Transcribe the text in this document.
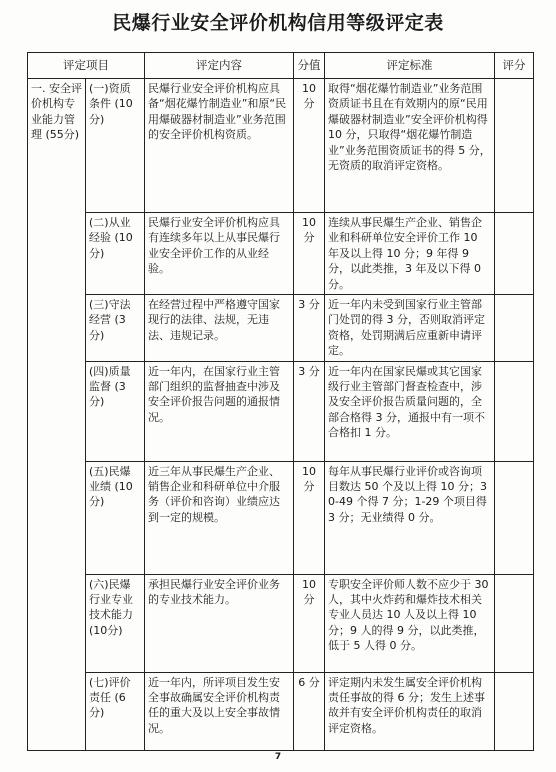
民爆行业安全评价机构信用等级评定表
评定项目		评定内容	分值	评定标准	评分
一. 安全评价机构专业能力管理 (55分)	(一)资质条件 (10分)	民爆行业安全评价机构应具备“烟花爆竹制造业”和原“民用爆破器材制造业”业务范围的安全评价机构资质。	10 分	取得“烟花爆竹制造业”业务范围资质证书且在有效期内的原“民用爆破器材制造业”安全评价机构得 10 分，只取得“烟花爆竹制造业”业务范围资质证书的得 5 分，无资质的取消评定资格。	
	(二)从业经验 (10分)	民爆行业安全评价机构应具有连续多年以上从事民爆行业安全评价工作的从业经验。	10 分	连续从事民爆生产企业、销售企业和科研单位安全评价工作 10 年及以上得 10 分；9 年得 9 分，以此类推，3 年及以下得 0 分。	
	(三)守法经营 (3分)	在经营过程中严格遵守国家现行的法律、法规，无违法、违规记录。	3 分	近一年内未受到国家行业主管部门处罚的得 3 分，否则取消评定资格，处罚期满后应重新申请评定。	
	(四)质量监督 (3分)	近一年内，在国家行业主管部门组织的监督抽查中涉及安全评价报告问题的通报情况。	3 分	近一年内在国家民爆或其它国家级行业主管部门督查检查中，涉及安全评价报告质量问题的，全部合格得 3 分，通报中有一项不合格扣 1 分。	
	(五)民爆业绩 (10分)	近三年从事民爆生产企业、销售企业和科研单位中介服务（评价和咨询）业绩应达到一定的规模。	10 分	每年从事民爆行业评价或咨询项目数达 50 个及以上得 10 分；30-49 个得 7 分；1-29 个项目得 3 分；无业绩得 0 分。	
	(六)民爆行业专业技术能力 (10分)	承担民爆行业安全评价业务的专业技术能力。	10 分	专职安全评价师人数不应少于 30 人，其中火炸药和爆炸技术相关专业人员达 10 人及以上得 10 分；9 人的得 9 分，以此类推，低于 5 人得 0 分。	
	(七)评价责任 (6分)	近一年内，所评项目发生安全事故确属安全评价机构责任的重大及以上安全事故情况。	6 分	评定期内未发生属安全评价机构责任事故的得 6 分；发生上述事故并有安全评价机构责任的取消评定资格。	
7
